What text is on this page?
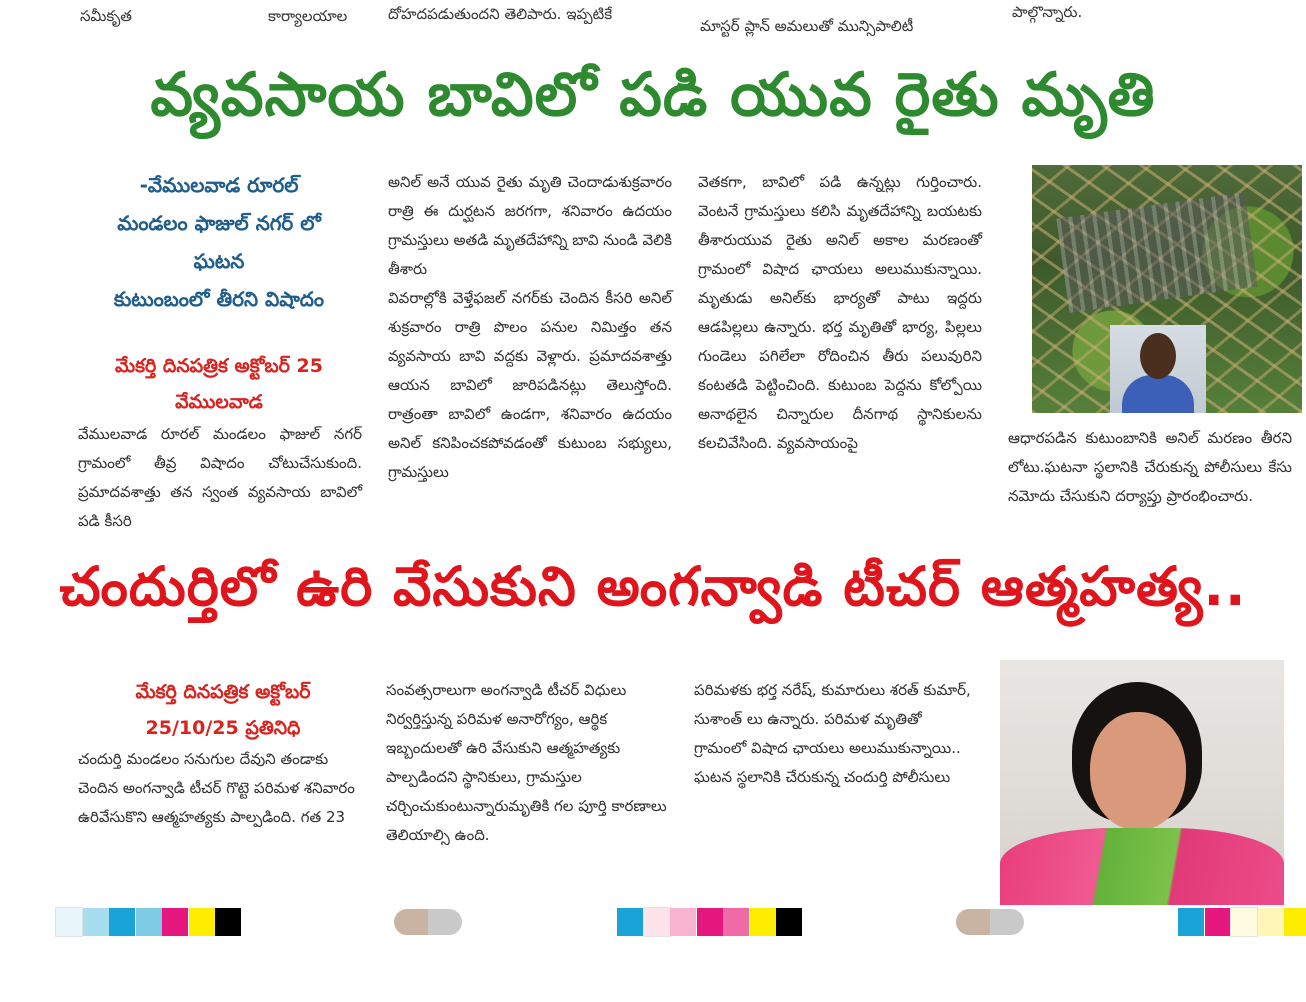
సమీకృత	కార్యాలయాల	దోహదపడుతుందని తెలిపారు. ఇప్పటికే
మాస్టర్ ప్లాన్ అమలుతో మున్సిపాలిటీ
పాల్గొన్నారు.
వ్యవసాయ బావిలో పడి యువ రైతు మృతి
-వేములవాడ రూరల్
మండలం ఫాజుల్ నగర్ లో
ఘటన
కుటుంబంలో తీరని విషాదం
మేకర్తి దినపత్రిక అక్టోబర్ 25
వేములవాడ

వేములవాడ రూరల్ మండలం ఫాజుల్ నగర్ గ్రామంలో తీవ్ర విషాదం చోటుచేసుకుంది. ప్రమాదవశాత్తు తన స్వంత వ్యవసాయ బావిలో పడి కీసరి

అనిల్ అనే యువ రైతు మృతి చెందాడుశుక్రవారం రాత్రి ఈ దుర్ఘటన జరగగా, శనివారం ఉదయం గ్రామస్తులు అతడి మృతదేహాన్ని బావి నుండి వెలికి తీశారు

వివరాల్లోకి వెళ్తేఫజల్ నగర్‌కు చెందిన కీసరి అనిల్ శుక్రవారం రాత్రి పొలం పనుల నిమిత్తం తన వ్యవసాయ బావి వద్దకు వెళ్లారు. ప్రమాదవశాత్తు ఆయన బావిలో జారిపడినట్లు తెలుస్తోంది. రాత్రంతా బావిలో ఉండగా, శనివారం ఉదయం అనిల్ కనిపించకపోవడంతో కుటుంబ సభ్యులు, గ్రామస్తులు

వెతకగా, బావిలో పడి ఉన్నట్లు గుర్తించారు. వెంటనే గ్రామస్తులు కలిసి మృతదేహాన్ని బయటకు తీశారుయువ రైతు అనిల్ అకాల మరణంతో గ్రామంలో విషాద ఛాయలు అలుముకున్నాయి. మృతుడు అనిల్‌కు భార్యతో పాటు ఇద్దరు ఆడపిల్లలు ఉన్నారు. భర్త మృతితో భార్య, పిల్లలు గుండెలు పగిలేలా రోదించిన తీరు పలువురిని కంటతడి పెట్టించింది. కుటుంబ పెద్దను కోల్పోయి అనాథలైన చిన్నారుల దీనగాథ స్థానికులను కలచివేసింది. వ్యవసాయంపై	ఆధారపడిన కుటుంబానికి అనిల్ మరణం తీరని లోటు.ఘటనా స్థలానికి చేరుకున్న పోలీసులు కేసు నమోదు చేసుకుని దర్యాప్తు ప్రారంభించారు.

చందుర్తిలో ఉరి వేసుకుని అంగన్వాడి టీచర్ ఆత్మహత్య..
మేకర్తి దినపత్రిక అక్టోబర్
25/10/25 ప్రతినిధి

చందుర్తి మండలం సనుగుల దేవుని తండాకు చెందిన అంగన్వాడి టీచర్ గొట్టె పరిమళ శనివారం ఉరివేసుకొని ఆత్మహత్యకు పాల్పడింది. గత 23

సంవత్సరాలుగా అంగన్వాడి టీచర్ విధులు నిర్వర్తిస్తున్న పరిమళ అనారోగ్యం, ఆర్థిక ఇబ్బందులతో ఉరి వేసుకుని ఆత్మహత్యకు పాల్పడిందని స్థానికులు, గ్రామస్తుల చర్చించుకుంటున్నారుమృతికి గల పూర్తి కారణాలు తెలియాల్సి ఉంది.

పరిమళకు భర్త నరేష్, కుమారులు శరత్ కుమార్, సుశాంత్ లు ఉన్నారు. పరిమళ మృతితో గ్రామంలో విషాద ఛాయలు అలుముకున్నాయి.. ఘటన స్థలానికి చేరుకున్న చందుర్తి పోలీసులు
